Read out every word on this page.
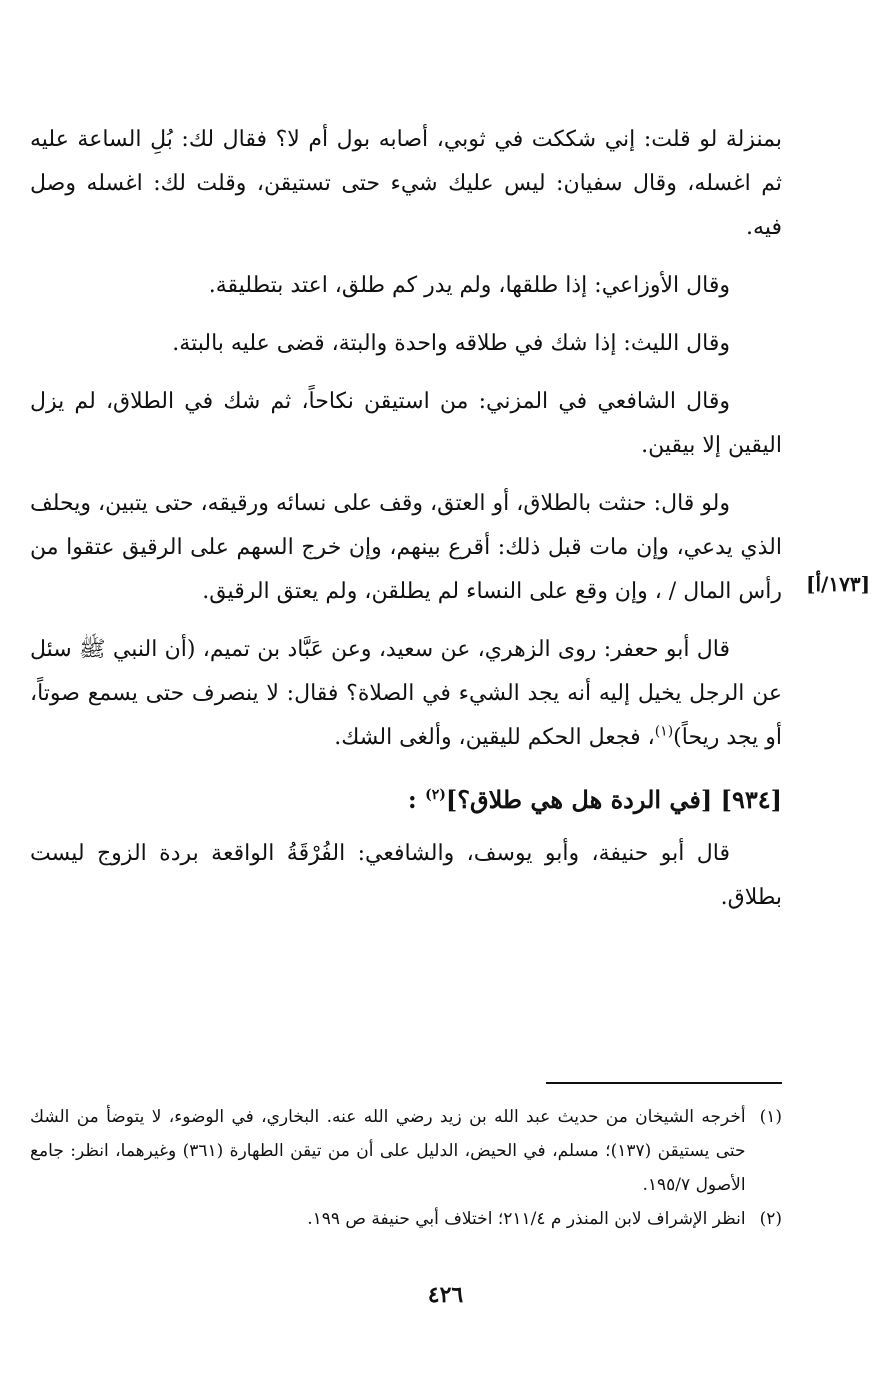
[١٧٣/أ]

بمنزلة لو قلت: إني شككت في ثوبي، أصابه بول أم لا؟ فقال لك: بُلِ الساعة عليه ثم اغسله، وقال سفيان: ليس عليك شيء حتى تستيقن، وقلت لك: اغسله وصل فيه.

وقال الأوزاعي: إذا طلقها، ولم يدر كم طلق، اعتد بتطليقة.

وقال الليث: إذا شك في طلاقه واحدة والبتة، قضى عليه بالبتة.

وقال الشافعي في المزني: من استيقن نكاحاً، ثم شك في الطلاق، لم يزل اليقين إلا بيقين.

ولو قال: حنثت بالطلاق، أو العتق، وقف على نسائه ورقيقه، حتى يتبين، ويحلف الذي يدعي، وإن مات قبل ذلك: أقرع بينهم، وإن خرج السهم على الرقيق عتقوا من رأس المال / ، وإن وقع على النساء لم يطلقن، ولم يعتق الرقيق.

قال أبو حعفر: روى الزهري، عن سعيد، وعن عَبَّاد بن تميم، (أن النبي ﷺ سئل عن الرجل يخيل إليه أنه يجد الشيء في الصلاة؟ فقال: لا ينصرف حتى يسمع صوتاً، أو يجد ريحاً)$^{(١)}$، فجعل الحكم لليقين، وألغى الشك.

[٩٣٤] [في الردة هل هي طلاق؟]$^{(٢)}$ :

قال أبو حنيفة، وأبو يوسف، والشافعي: الفُرْقَةُ الواقعة بردة الزوج ليست بطلاق.

(١)
أخرجه الشيخان من حديث عبد الله بن زيد رضي الله عنه. البخاري، في الوضوء، لا يتوضأ من الشك حتى يستيقن (١٣٧)؛ مسلم، في الحيض، الدليل على أن من تيقن الطهارة (٣٦١) وغيرهما، انظر: جامع الأصول ١٩٥/٧.
(٢)
انظر الإشراف لابن المنذر م ٢١١/٤؛ اختلاف أبي حنيفة ص ١٩٩.
٤٢٦
